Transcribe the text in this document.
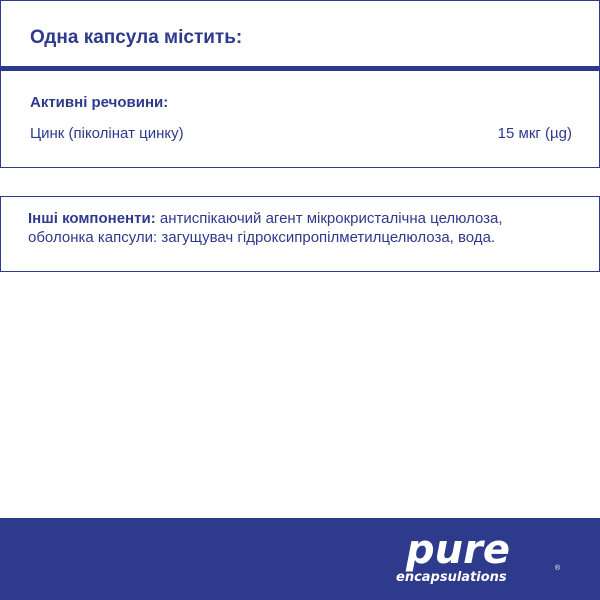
Одна капсула містить:
Активні речовини:
Цинк (піколінат цинку)	15 мкг (µg)
Інші компоненти: антиспікаючий агент мікрокристалічна целюлоза, оболонка капсули: загущувач гідроксипропілметилцелюлоза, вода.
pure
encapsulations
®
